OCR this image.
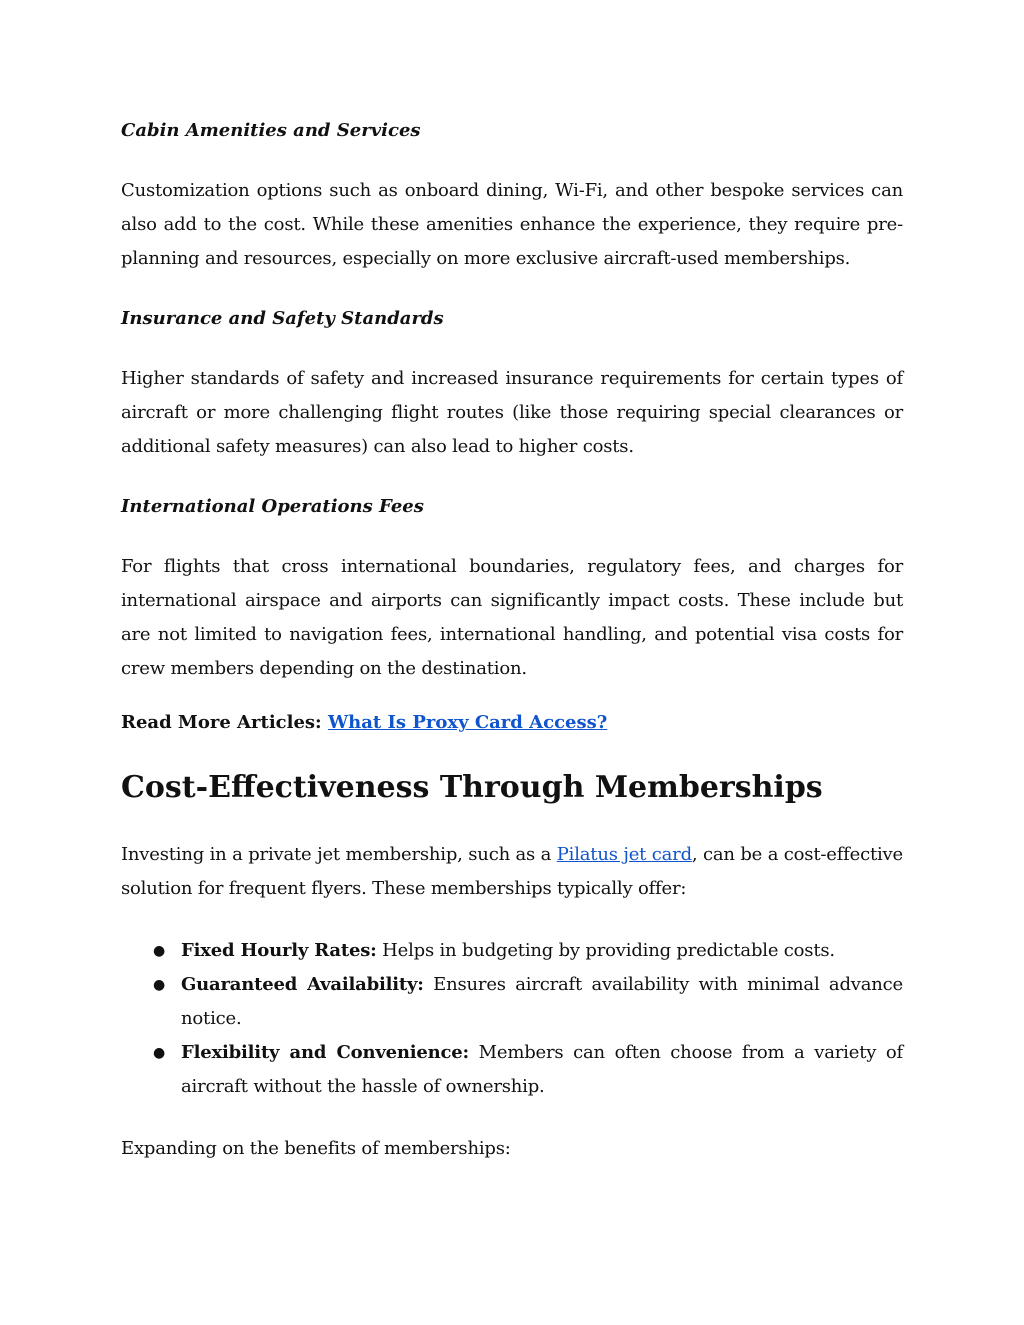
Cabin Amenities and Services

Customization options such as onboard dining, Wi-Fi, and other bespoke services can also add to the cost. While these amenities enhance the experience, they require pre-planning and resources, especially on more exclusive aircraft-used memberships.

Insurance and Safety Standards

Higher standards of safety and increased insurance requirements for certain types of aircraft or more challenging flight routes (like those requiring special clearances or additional safety measures) can also lead to higher costs.

International Operations Fees

For flights that cross international boundaries, regulatory fees, and charges for international airspace and airports can significantly impact costs. These include but are not limited to navigation fees, international handling, and potential visa costs for crew members depending on the destination.

Read More Articles: What Is Proxy Card Access?

Cost-Effectiveness Through Memberships

Investing in a private jet membership, such as a Pilatus jet card, can be a cost-effective solution for frequent flyers. These memberships typically offer:

● Fixed Hourly Rates: Helps in budgeting by providing predictable costs.
● Guaranteed Availability: Ensures aircraft availability with minimal advance notice.
● Flexibility and Convenience: Members can often choose from a variety of aircraft without the hassle of ownership.

Expanding on the benefits of memberships:
